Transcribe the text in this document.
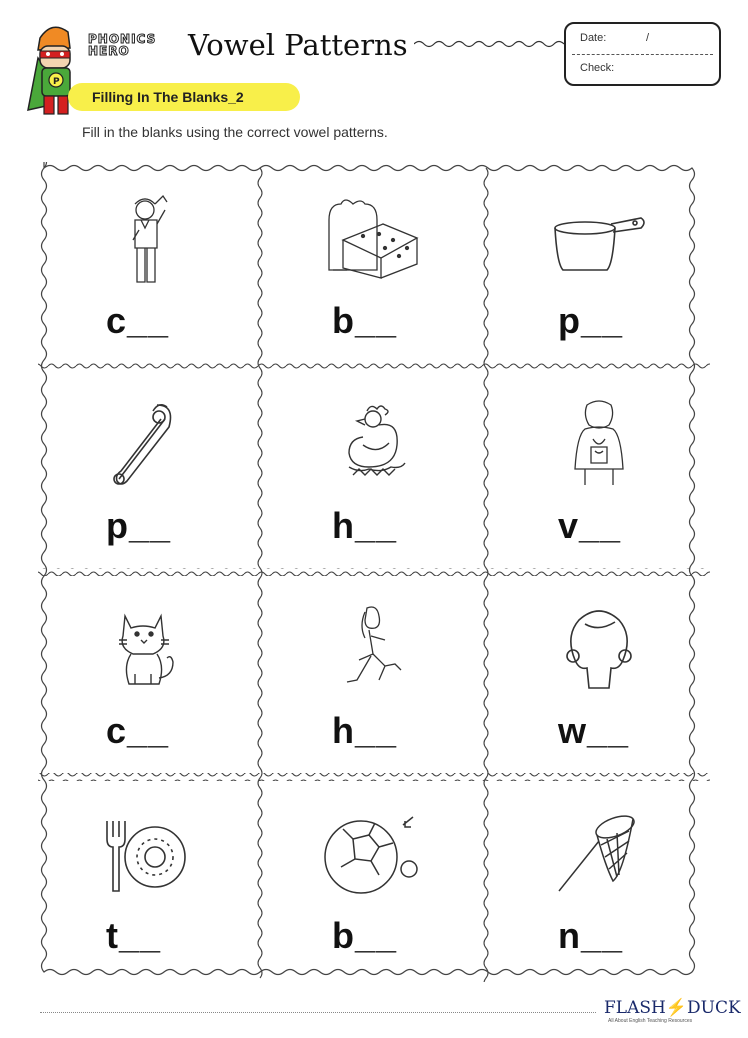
P
PHONICS
HERO	Vowel Patterns	Date:	/
Check:
Filling In The Blanks_2
Fill in the blanks using the correct vowel patterns.
c__	b__	p__
p__	h__	v__
c__	h__	w__
t__	b__	n__
FLASH⚡DUCK
All About English Teaching Resources
